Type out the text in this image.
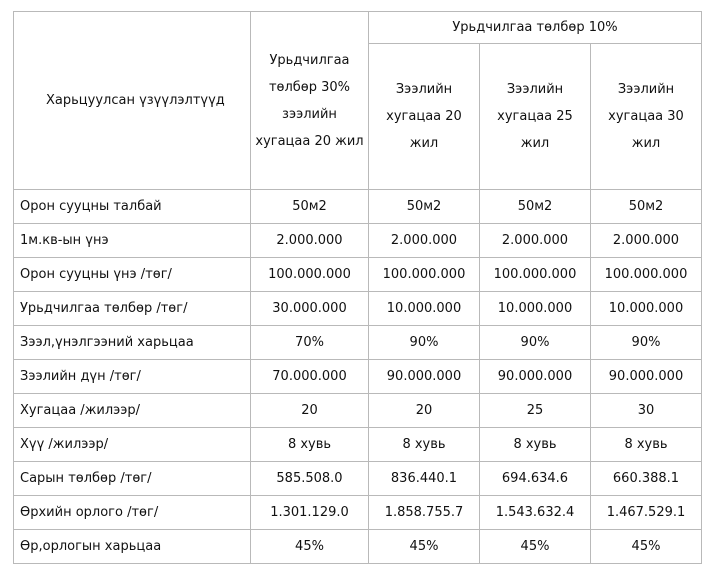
Харьцуулсан үзүүлэлтүүд	Урьдчилгаа төлбөр 30% зээлийн хугацаа 20 жил	Урьдчилгаа төлбөр 10%			
		Зээлийн хугацаа 20 жил	Зээлийн хугацаа 25 жил	Зээлийн хугацаа 30 жил	
Орон сууцны талбай	50м2	50м2	50м2	50м2	
1м.кв-ын үнэ	2.000.000	2.000.000	2.000.000	2.000.000	
Орон сууцны үнэ /төг/	100.000.000	100.000.000	100.000.000	100.000.000	
Урьдчилгаа төлбөр /төг/	30.000.000	10.000.000	10.000.000	10.000.000	
Зээл,үнэлгээний харьцаа	70%	90%	90%	90%	
Зээлийн дүн /төг/	70.000.000	90.000.000	90.000.000	90.000.000	
Хугацаа /жилээр/	20	20	25	30	
Хүү /жилээр/	8 хувь	8 хувь	8 хувь	8 хувь	
Сарын төлбөр /төг/	585.508.0	836.440.1	694.634.6	660.388.1	
Өрхийн орлого /төг/	1.301.129.0	1.858.755.7	1.543.632.4	1.467.529.1	
Өр,орлогын харьцаа	45%	45%	45%	45%	
